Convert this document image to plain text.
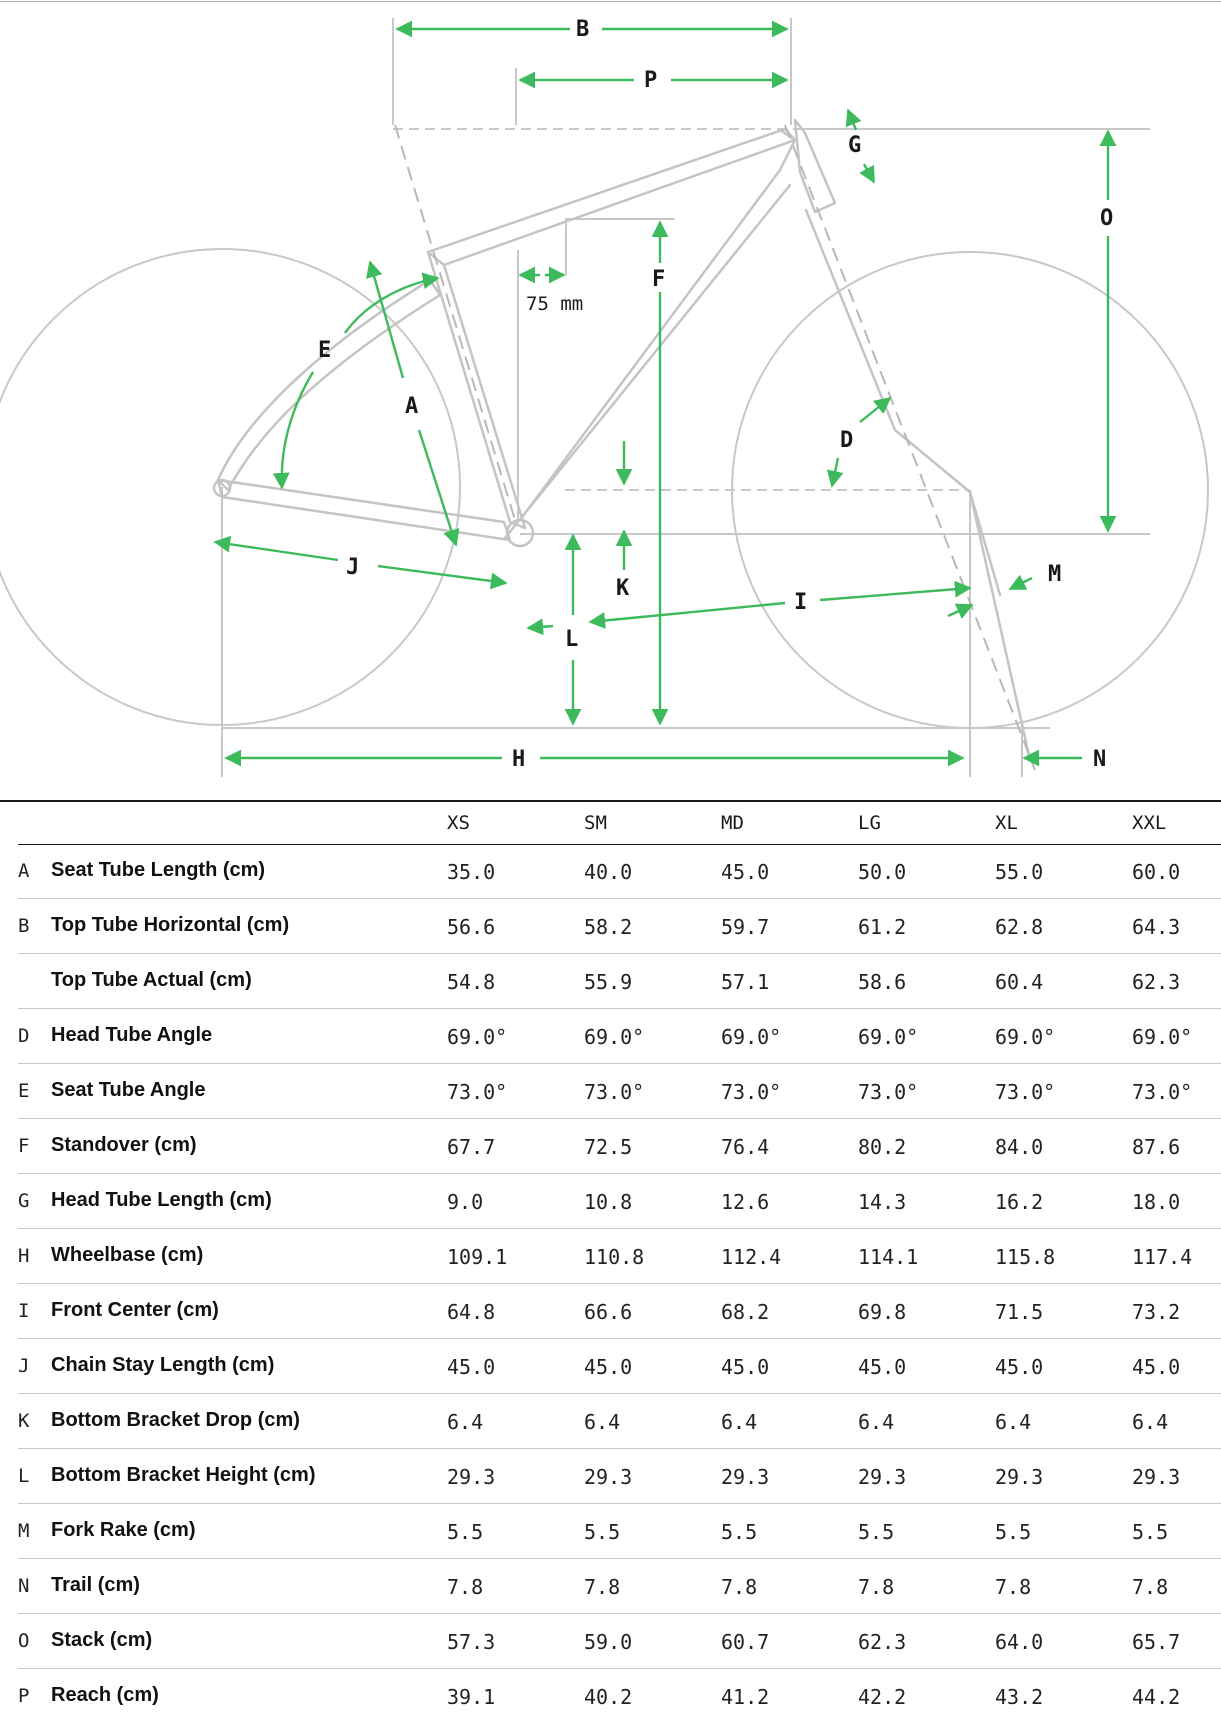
B
P
G
O
F
75 mm
E
A
D
K
M
I
J
L
H	N
XS	SM	MD	LG	XL	XXL
A Seat Tube Length (cm)	35.0	40.0	45.0	50.0	55.0	60.0
B Top Tube Horizontal (cm)	56.6	58.2	59.7	61.2	62.8	64.3
Top Tube Actual (cm)	54.8	55.9	57.1	58.6	60.4	62.3
D Head Tube Angle	69.0°	69.0°	69.0°	69.0°	69.0°	69.0°
E Seat Tube Angle	73.0°	73.0°	73.0°	73.0°	73.0°	73.0°
F Standover (cm)	67.7	72.5	76.4	80.2	84.0	87.6
G Head Tube Length (cm)	9.0	10.8	12.6	14.3	16.2	18.0
H Wheelbase (cm)	109.1	110.8	112.4	114.1	115.8	117.4
I Front Center (cm)	64.8	66.6	68.2	69.8	71.5	73.2
J Chain Stay Length (cm)	45.0	45.0	45.0	45.0	45.0	45.0
K Bottom Bracket Drop (cm)	6.4	6.4	6.4	6.4	6.4	6.4
L Bottom Bracket Height (cm)	29.3	29.3	29.3	29.3	29.3	29.3
M Fork Rake (cm)	5.5	5.5	5.5	5.5	5.5	5.5
N Trail (cm)	7.8	7.8	7.8	7.8	7.8	7.8
O Stack (cm)	57.3	59.0	60.7	62.3	64.0	65.7
P Reach (cm)	39.1	40.2	41.2	42.2	43.2	44.2
